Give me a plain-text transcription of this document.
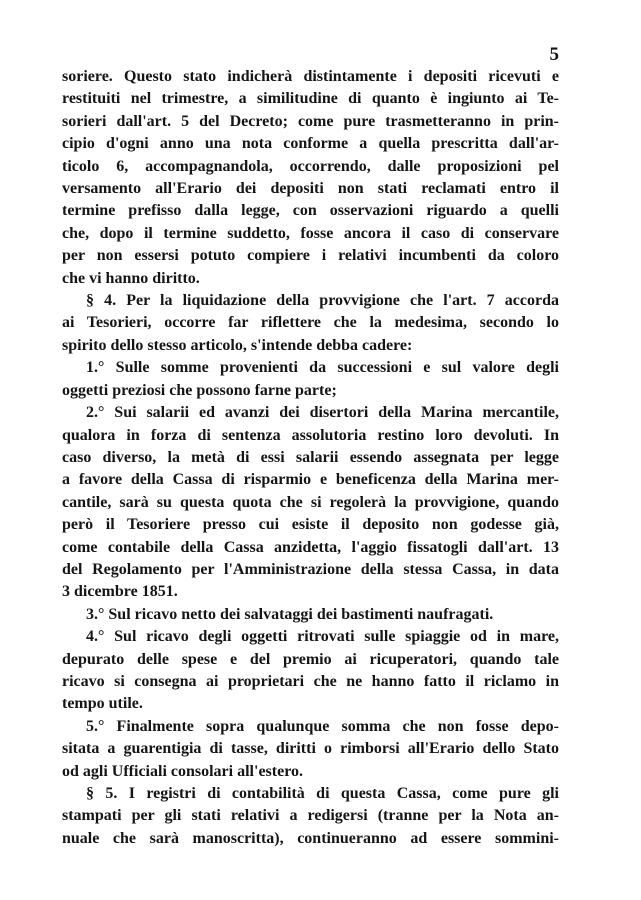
5

soriere. Questo stato indicherà distintamente i depositi ricevuti e
restituiti nel trimestre, a similitudine di quanto è ingiunto ai Te-
sorieri dall'art. 5 del Decreto; come pure trasmetteranno in prin-
cipio d'ogni anno una nota conforme a quella prescritta dall'ar-
ticolo 6, accompagnandola, occorrendo, dalle proposizioni pel
versamento all'Erario dei depositi non stati reclamati entro il
termine prefisso dalla legge, con osservazioni riguardo a quelli
che, dopo il termine suddetto, fosse ancora il caso di conservare
per non essersi potuto compiere i relativi incumbenti da coloro
che vi hanno diritto.

§ 4. Per la liquidazione della provvigione che l'art. 7 accorda
ai Tesorieri, occorre far riflettere che la medesima, secondo lo
spirito dello stesso articolo, s'intende debba cadere:

1.° Sulle somme provenienti da successioni e sul valore degli
oggetti preziosi che possono farne parte;

2.° Sui salarii ed avanzi dei disertori della Marina mercantile,
qualora in forza di sentenza assolutoria restino loro devoluti. In
caso diverso, la metà di essi salarii essendo assegnata per legge
a favore della Cassa di risparmio e beneficenza della Marina mer-
cantile, sarà su questa quota che si regolerà la provvigione, quando
però il Tesoriere presso cui esiste il deposito non godesse già,
come contabile della Cassa anzidetta, l'aggio fissatogli dall'art. 13
del Regolamento per l'Amministrazione della stessa Cassa, in data
3 dicembre 1851.

3.° Sul ricavo netto dei salvataggi dei bastimenti naufragati.

4.° Sul ricavo degli oggetti ritrovati sulle spiaggie od in mare,
depurato delle spese e del premio ai ricuperatori, quando tale
ricavo si consegna ai proprietari che ne hanno fatto il riclamo in
tempo utile.

5.° Finalmente sopra qualunque somma che non fosse depo-
sitata a guarentigia di tasse, diritti o rimborsi all'Erario dello Stato
od agli Ufficiali consolari all'estero.

§ 5. I registri di contabilità di questa Cassa, come pure gli
stampati per gli stati relativi a redigersi (tranne per la Nota an-
nuale che sarà manoscritta), continueranno ad essere sommini-
